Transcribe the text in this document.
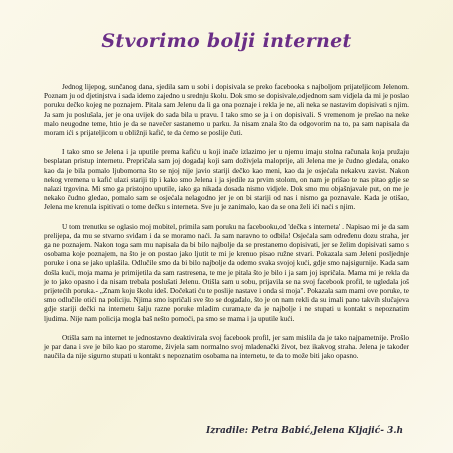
Stvorimo bolji internet

Jednog lijepog, sunčanog dana, sjedila sam u sobi i dopisivala se preko facebooka s najboljom prijateljicom Jelenom. Poznam ju od djetinjstva i sada idemo zajedno u srednju školu. Dok smo se dopisivale,odjednom sam vidjela da mi je poslao poruku dečko kojeg ne poznajem. Pitala sam Jelenu da li ga ona poznaje i rekla je ne, ali neka se nastavim dopisivati s njim. Ja sam ju poslušala, jer je ona uvijek do sada bila u pravu. I tako smo se ja i on dopisivali. S vremenom je prešao na neke malo neugodne teme, htio je da se navečer sastanemo u parku. Ja nisam znala što da odgovorim na to, pa sam napisala da moram ići s prijateljicom u obližnji kafić, te da ćemo se poslije čuti.

I tako smo se Jelena i ja uputile prema kafiću u koji inače izlazimo jer u njemu imaju stolna računala koja pružaju besplatan pristup internetu. Prepričala sam joj događaj koji sam doživjela maloprije, ali Jelena me je čudno gledala, onako kao da je bila pomalo ljubomorna što se njoj nije javio stariji dečko kao meni, kao da je osjećala nekakvu zavist. Nakon nekog vremena u kafić ulazi stariji tip i kako smo Jelena i ja sjedile za prvim stolom, on nam je prišao te nas pitao gdje se nalazi trgovina. Mi smo ga pristojno uputile, iako ga nikada dosada nismo vidjele. Dok smo mu objašnjavale put, on me je nekako čudno gledao, pomalo sam se osjećala nelagodno jer je on bi stariji od nas i nismo ga poznavale. Kada je otišao, Jelena me krenula ispitivati o tome dečku s interneta. Sve ju je zanimalo, kao da se ona želi ići naći s njim.

U tom trenutku se oglasio moj mobitel, primila sam poruku na facebooku,od 'dečka s interneta' . Napisao mi je da sam prelijepa, da mu se stvarno sviđam i da se moramo naći. Ja sam naravno to odbila! Osjećala sam određenu dozu straha, jer ga ne poznajem. Nakon toga sam mu napisala da bi bilo najbolje da se prestanemo dopisivati, jer se želim dopisivati samo s osobama koje poznajem, na što je on postao jako ljutit te mi je krenuo pisao ružne stvari. Pokazala sam Jeleni posljednje poruke i ona se jako uplašila. Odlučile smo da bi bilo najbolje da odemo svaka svojoj kući, gdje smo najsigurnije. Kada sam došla kući, moja mama je primijetila da sam rastresena, te me je pitala što je bilo i ja sam joj ispričala. Mama mi je rekla da je to jako opasno i da nisam trebala poslušati Jelenu. Otišla sam u sobu, prijavila se na svoj facebook profil, te ugledala još prijetećih poruka.- „Znam koju školu ideš. Dočekati ću te poslije nastave i onda si moja". Pokazala sam mami ove poruke, te smo odlučile otići na policiju. Njima smo ispričali sve što se događalo, što je on nam rekli da su imali pano takvih slučajeva gdje stariji dečki na internetu šalju razne poruke mladim curama,te da je najbolje i ne stupati u kontakt s nepoznatim ljudima. Nije nam policija mogla baš nešto pomoći, pa smo se mama i ja uputile kući.

Otišla sam na internet te jednostavno deaktivirala svoj facebook profil, jer sam mislila da je tako najpametnije. Prošlo je par dana i sve je bilo kao po starome, živjela sam normalno svoj mladenački život, bez ikakvog straha. Jelena je također naučila da nije sigurno stupati u kontakt s nepoznatim osobama na internetu, te da to može biti jako opasno.

Izradile: Petra Babić,Jelena Kljajić- 3.h
